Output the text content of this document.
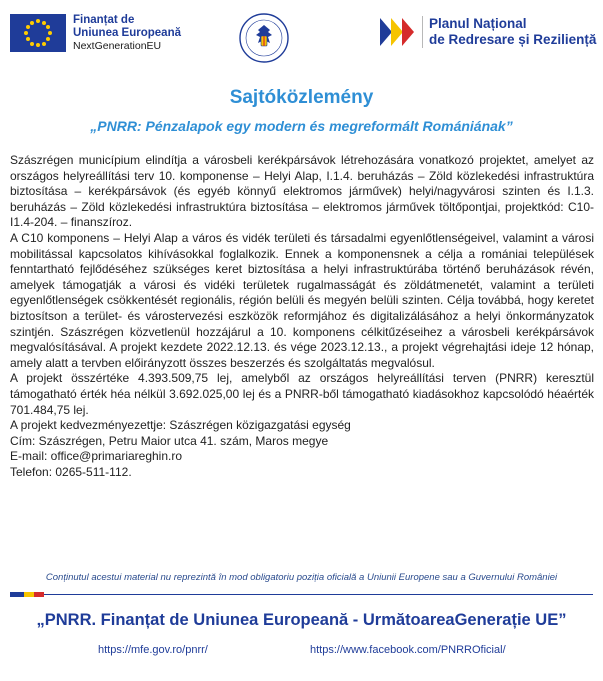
Finanțat de
Uniunea Europeană
NextGenerationEU
Planul Național
de Redresare și Reziliență
Sajtóközlemény
„PNRR: Pénzalapok egy modern és megreformált Romániának”

Szászrégen municípium elindítja a városbeli kerékpársávok létrehozására vonatkozó projektet, amelyet az országos helyreállítási terv 10. komponense – Helyi Alap, I.1.4. beruházás – Zöld közlekedési infrastruktúra biztosítása – kerékpársávok (és egyéb könnyű elektromos járművek) helyi/nagyvárosi szinten és I.1.3. beruházás – Zöld közlekedési infrastruktúra biztosítása – elektromos járművek töltőpontjai, projektkód: C10-I1.4-204. – finanszíroz.

A C10 komponens – Helyi Alap a város és vidék területi és társadalmi egyenlőtlenségeivel, valamint a városi mobilitással kapcsolatos kihívásokkal foglalkozik. Ennek a komponensnek a célja a romániai települések fenntartható fejlődéséhez szükséges keret biztosítása a helyi infrastruktúrába történő beruházások révén, amelyek támogatják a városi és vidéki területek rugalmasságát és zöldátmenetét, valamint a területi egyenlőtlenségek csökkentését regionális, régión belüli és megyén belüli szinten. Célja továbbá, hogy keretet biztosítson a terület- és várostervezési eszközök reformjához és digitalizálásához a helyi önkormányzatok szintjén. Szászrégen közvetlenül hozzájárul a 10. komponens célkitűzéseihez a városbeli kerékpársávok megvalósításával. A projekt kezdete 2022.12.13. és vége 2023.12.13., a projekt végrehajtási ideje 12 hónap, amely alatt a tervben előirányzott összes beszerzés és szolgáltatás megvalósul.

A projekt összértéke 4.393.509,75 lej, amelyből az országos helyreállítási terven (PNRR) keresztül támogatható érték héa nélkül 3.692.025,00 lej és a PNRR-ből támogatható kiadásokhoz kapcsolódó héaérték 701.484,75 lej.

A projekt kedvezményezettje: Szászrégen közigazgatási egység

Cím: Szászrégen, Petru Maior utca 41. szám, Maros megye

E-mail: office@primariareghin.ro

Telefon: 0265-511-112.

Conținutul acestui material nu reprezintă în mod obligatoriu poziția oficială a Uniunii Europene sau a Guvernului României
„PNRR. Finanțat de Uniunea Europeană - UrmătoareaGenerație UE”
https://mfe.gov.ro/pnrr/	https://www.facebook.com/PNRROficial/
